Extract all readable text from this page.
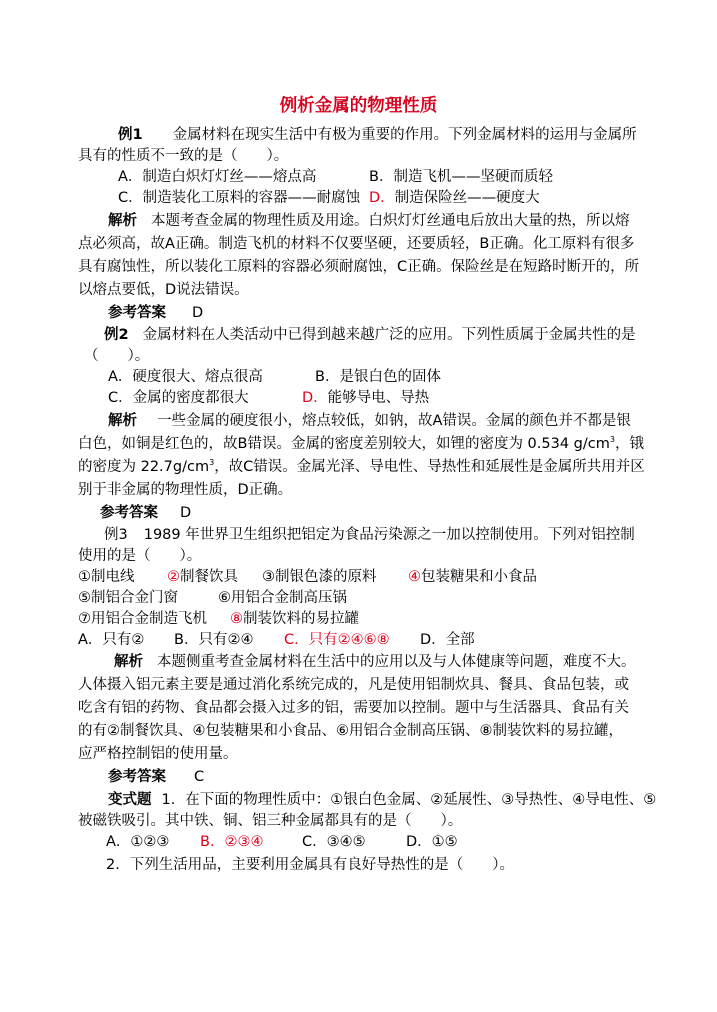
例析金属的物理性质
例1 金属材料在现实生活中有极为重要的作用。下列金属材料的运用与金属所
具有的性质不一致的是（　　）。
A．制造白炽灯灯丝——熔点高	B．制造飞机——坚硬而质轻
C．制造装化工原料的容器——耐腐蚀 D．制造保险丝——硬度大
解析 本题考查金属的物理性质及用途。白炽灯灯丝通电后放出大量的热，所以熔
点必须高，故A正确。制造飞机的材料不仅要坚硬，还要质轻，B正确。化工原料有很多
具有腐蚀性，所以装化工原料的容器必须耐腐蚀，C正确。保险丝是在短路时断开的，所
以熔点要低，D说法错误。
参考答案 D
例2 金属材料在人类活动中已得到越来越广泛的应用。下列性质属于金属共性的是
（　　）。
A．硬度很大、熔点很高	B．是银白色的固体
C．金属的密度都很大	D．能够导电、导热
解析 一些金属的硬度很小，熔点较低，如钠，故A错误。金属的颜色并不都是银
白色，如铜是红色的，故B错误。金属的密度差别较大，如锂的密度为 0.534 $g/cm^3$，锇
的密度为 $22.7g/cm^3$，故C错误。金属光泽、导电性、导热性和延展性是金属所共用并区
别于非金属的物理性质，D正确。
参考答案 D
例3 1989 年世界卫生组织把铝定为食品污染源之一加以控制使用。下列对铝控制
使用的是（　　）。
①制电线 ②制餐饮具 ③制银色漆的原料 ④包装糖果和小食品
⑤制铝合金门窗	⑥用铝合金制高压锅
⑦用铝合金制造飞机 ⑧制装饮料的易拉罐
A．只有② B．只有②④ C．只有②④⑥⑧ D．全部
解析 本题侧重考查金属材料在生活中的应用以及与人体健康等问题，难度不大。
人体摄入铝元素主要是通过消化系统完成的，凡是使用铝制炊具、餐具、食品包装，或
吃含有铝的药物、食品都会摄入过多的铝，需要加以控制。题中与生活器具、食品有关
的有②制餐饮具、④包装糖果和小食品、⑥用铝合金制高压锅、⑧制装饮料的易拉罐，
应严格控制铝的使用量。
参考答案 C
变式题 1．在下面的物理性质中：①银白色金属、②延展性、③导热性、④导电性、⑤
被磁铁吸引。其中铁、铜、铝三种金属都具有的是（　　）。
A．①②③ B．②③④	C．③④⑤	D．①⑤
2．下列生活用品，主要利用金属具有良好导热性的是（　　）。
